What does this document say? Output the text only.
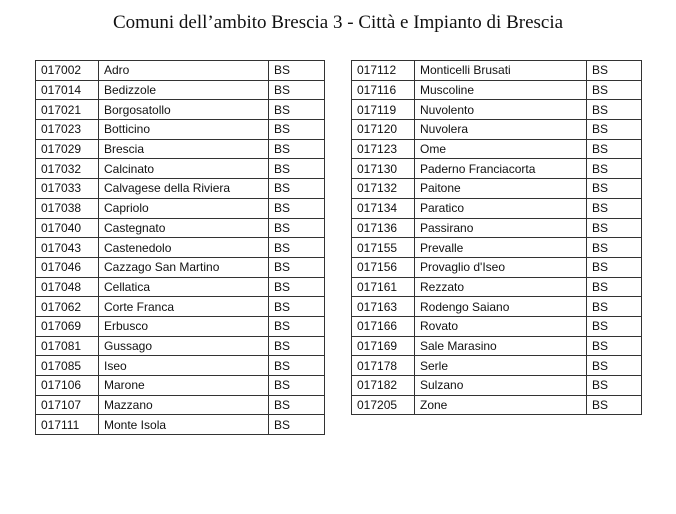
Comuni dell’ambito Brescia 3 - Città e Impianto di Brescia
017002	Adro	BS
017014	Bedizzole	BS
017021	Borgosatollo	BS
017023	Botticino	BS
017029	Brescia	BS
017032	Calcinato	BS
017033	Calvagese della Riviera	BS
017038	Capriolo	BS
017040	Castegnato	BS
017043	Castenedolo	BS
017046	Cazzago San Martino	BS
017048	Cellatica	BS
017062	Corte Franca	BS
017069	Erbusco	BS
017081	Gussago	BS
017085	Iseo	BS
017106	Marone	BS
017107	Mazzano	BS
017111	Monte Isola	BS
017112	Monticelli Brusati	BS
017116	Muscoline	BS
017119	Nuvolento	BS
017120	Nuvolera	BS
017123	Ome	BS
017130	Paderno Franciacorta	BS
017132	Paitone	BS
017134	Paratico	BS
017136	Passirano	BS
017155	Prevalle	BS
017156	Provaglio d'Iseo	BS
017161	Rezzato	BS
017163	Rodengo Saiano	BS
017166	Rovato	BS
017169	Sale Marasino	BS
017178	Serle	BS
017182	Sulzano	BS
017205	Zone	BS
